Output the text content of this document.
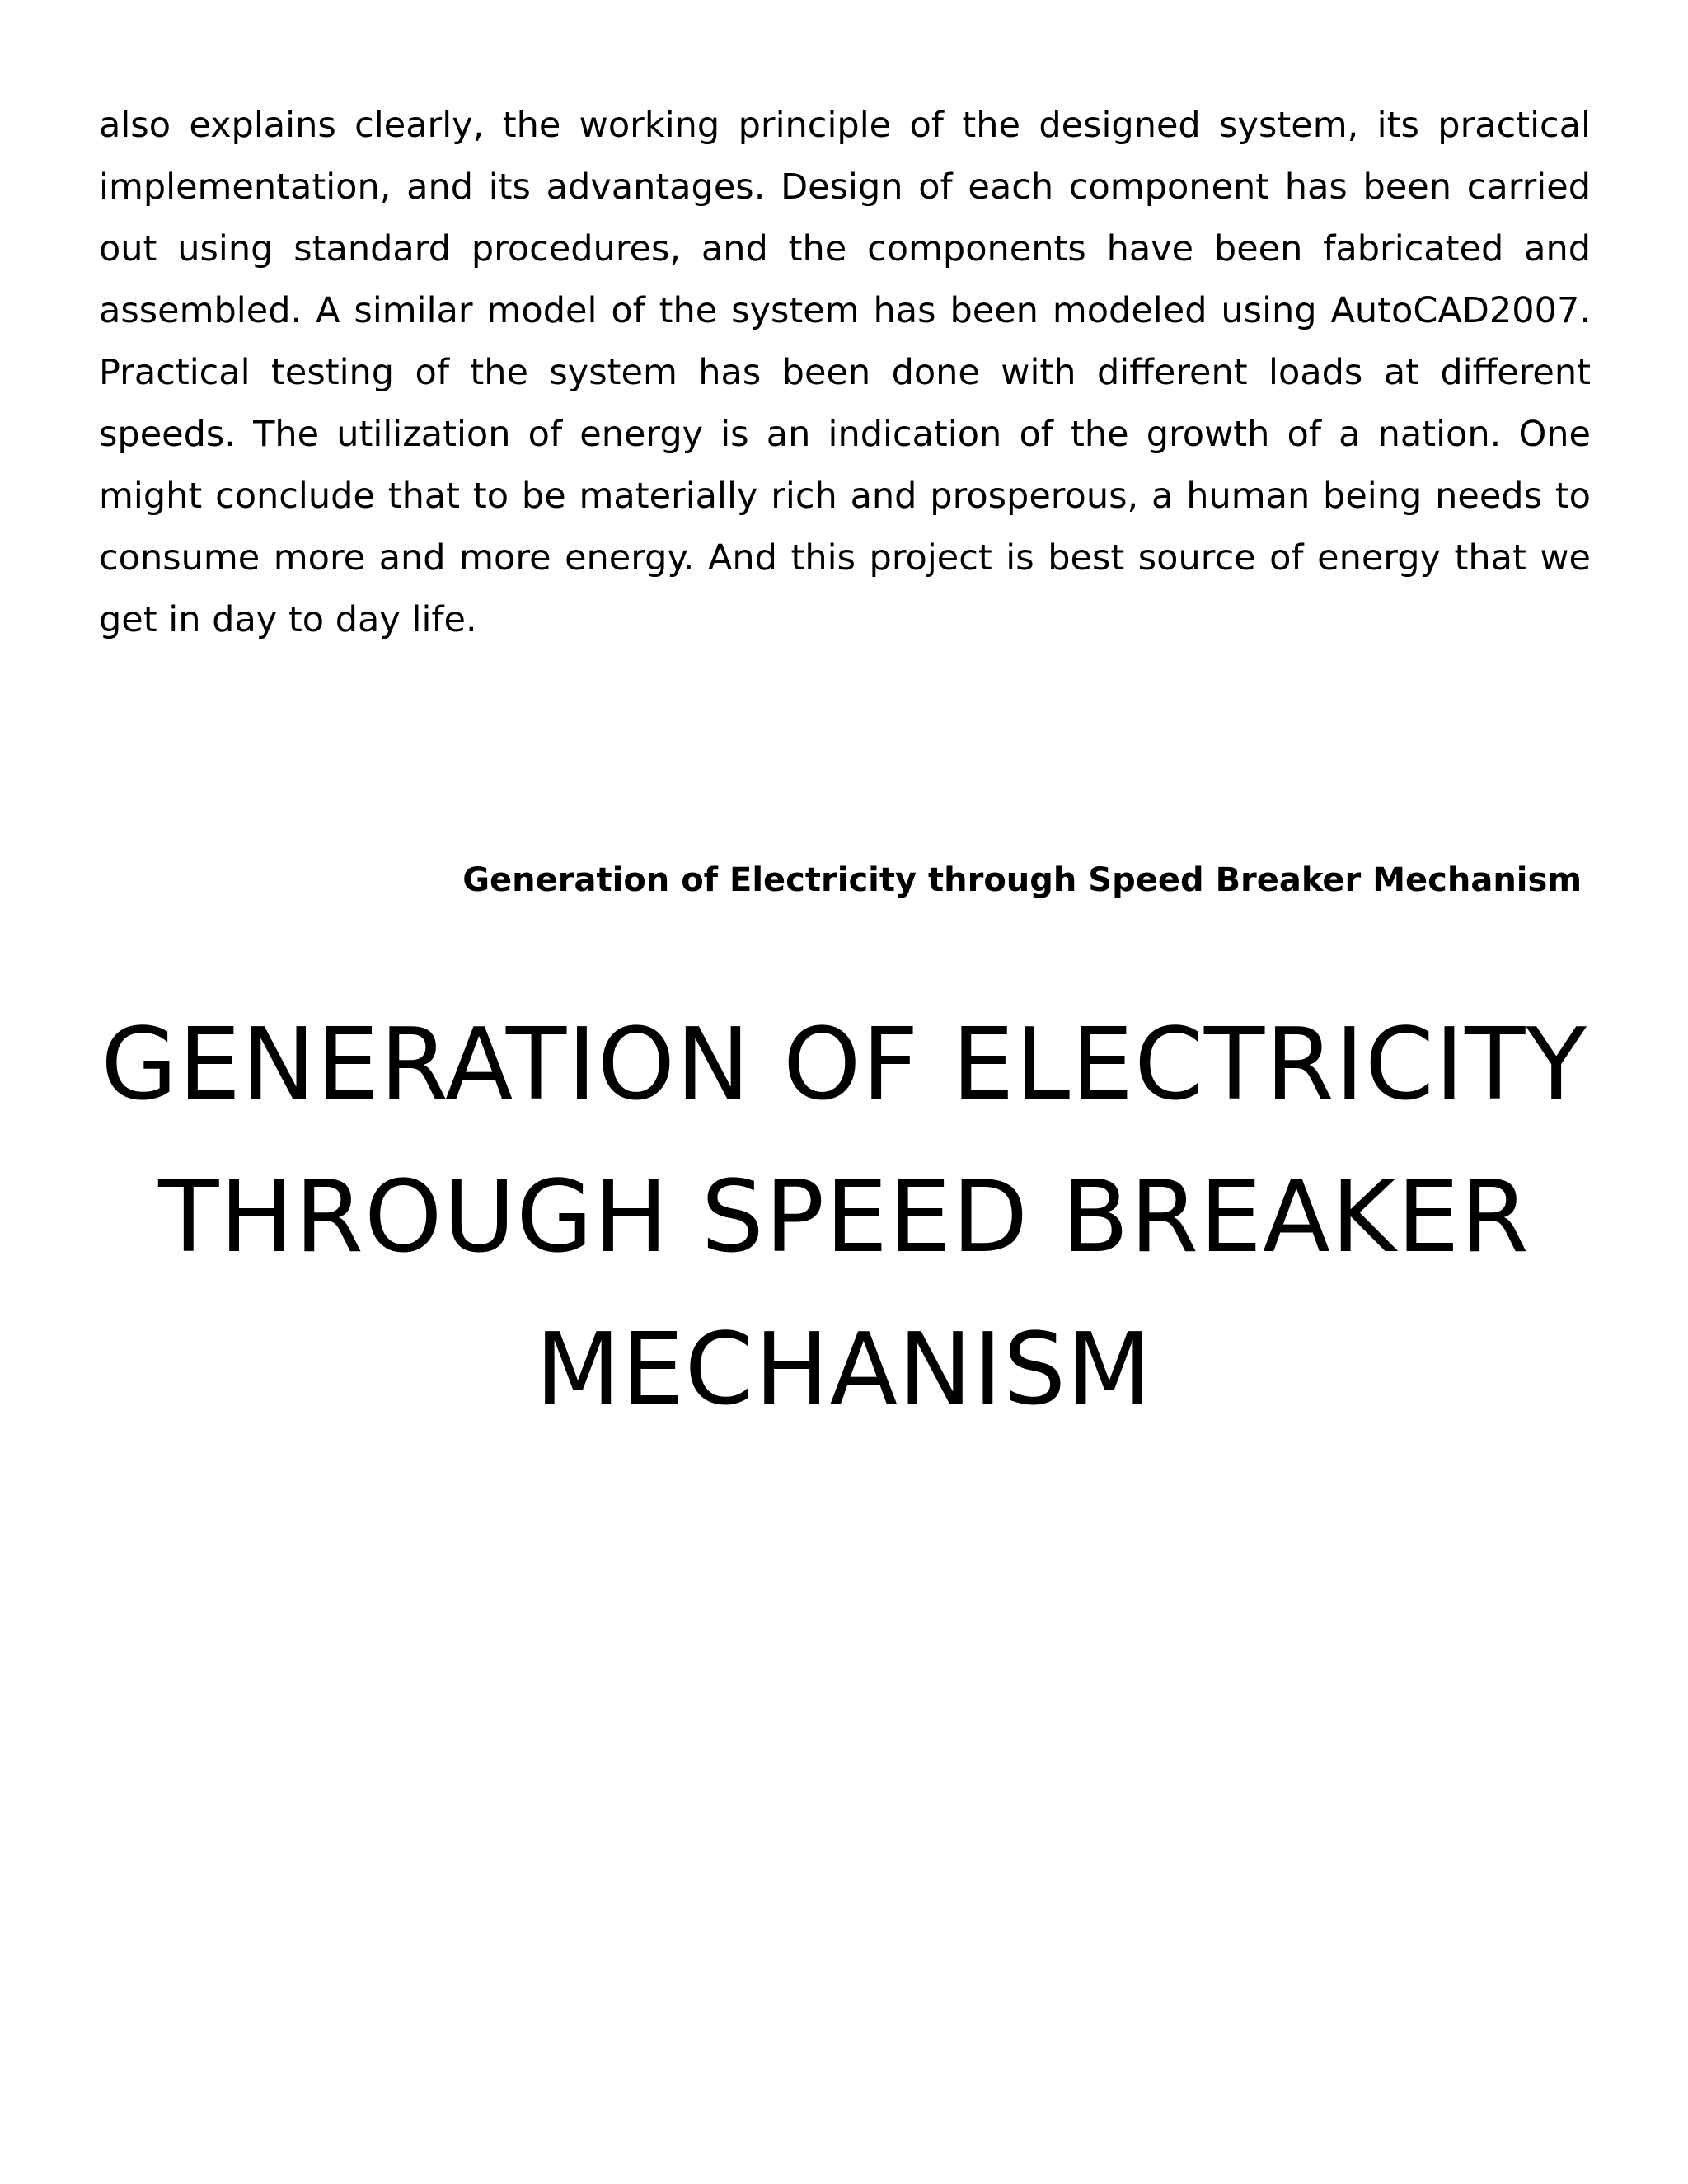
also explains clearly, the working principle of the designed system, its practical
implementation, and its advantages. Design of each component has been carried
out using standard procedures, and the components have been fabricated and
assembled. A similar model of the system has been modeled using AutoCAD2007.
Practical testing of the system has been done with different loads at different
speeds. The utilization of energy is an indication of the growth of a nation. One
might conclude that to be materially rich and prosperous, a human being needs to
consume more and more energy. And this project is best source of energy that we
get in day to day life.

Generation of Electricity through Speed Breaker Mechanism
GENERATION OF ELECTRICITY
THROUGH SPEED BREAKER
MECHANISM
